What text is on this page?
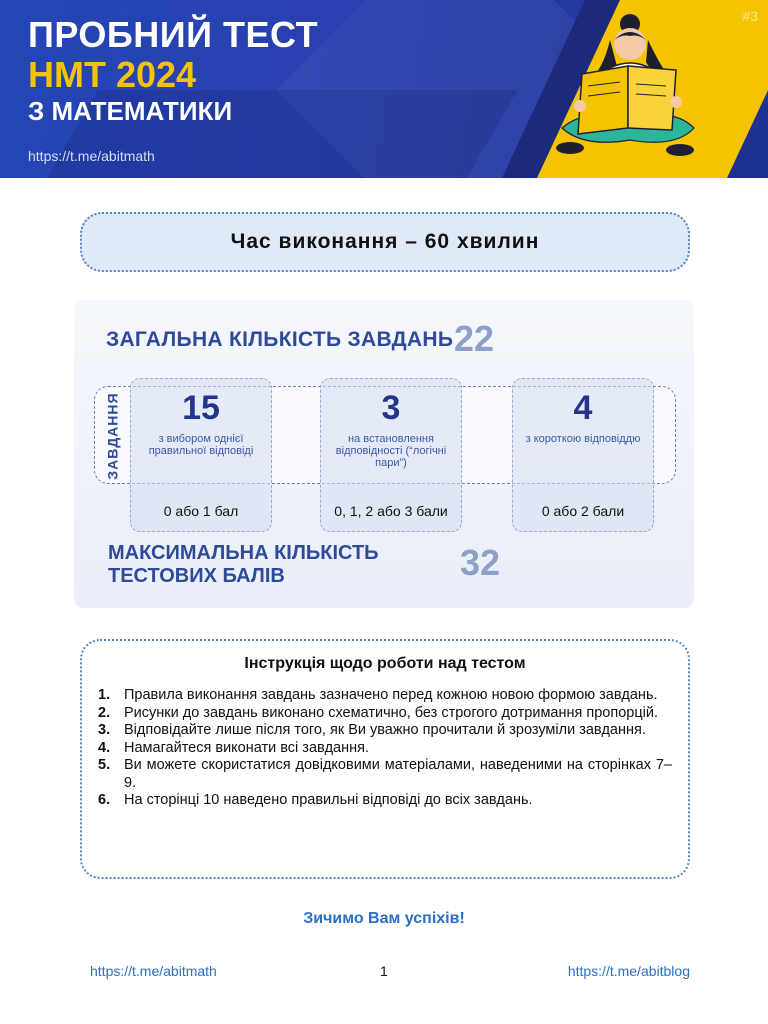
ПРОБНИЙ ТЕСТ
НМТ 2024
З МАТЕМАТИКИ
https://t.me/abitmath
#3
Час виконання – 60 хвилин
ЗАГАЛЬНА КІЛЬКІСТЬ ЗАВДАНЬ 22
ЗАВДАННЯ	15
з вибором однієї правильної відповіді
0 або 1 бал
3
на встановлення відповідності (“логічні пари”)
0, 1, 2 або 3 бали
4
з короткою відповіддю
0 або 2 бали
МАКСИМАЛЬНА КІЛЬКІСТЬ
ТЕСТОВИХ БАЛІВ	32
Інструкція щодо роботи над тестом
1. Правила виконання завдань зазначено перед кожною новою формою завдань.
2. Рисунки до завдань виконано схематично, без строгого дотримання пропорцій.
3. Відповідайте лише після того, як Ви уважно прочитали й зрозуміли завдання.
4. Намагайтеся виконати всі завдання.
5. Ви можете скористатися довідковими матеріалами, наведеними на сторінках 7–9.
6. На сторінці 10 наведено правильні відповіді до всіх завдань.
Зичимо Вам успіхів!
https://t.me/abitmath	1	https://t.me/abitblog
